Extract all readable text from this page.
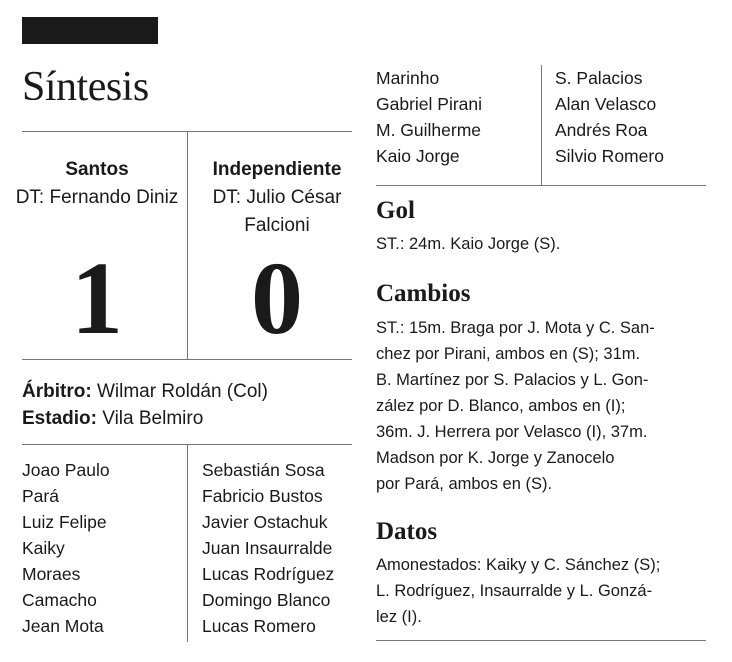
Síntesis
Santos
DT: Fernando Diniz
Independiente
DT: Julio César Falcioni
1	0
Árbitro: Wilmar Roldán (Col)
Estadio: Vila Belmiro
Joao Paulo
Pará
Luiz Felipe
Kaiky
Moraes
Camacho
Jean Mota
Sebastián Sosa
Fabricio Bustos
Javier Ostachuk
Juan Insaurralde
Lucas Rodríguez
Domingo Blanco
Lucas Romero
Marinho
Gabriel Pirani
M. Guilherme
Kaio Jorge
S. Palacios
Alan Velasco
Andrés Roa
Silvio Romero
Gol
ST.: 24m. Kaio Jorge (S).
Cambios
ST.: 15m. Braga por J. Mota y C. San-
chez por Pirani, ambos en (S); 31m.
B. Martínez por S. Palacios y L. Gon-
zález por D. Blanco, ambos en (I);
36m. J. Herrera por Velasco (I), 37m.
Madson por K. Jorge y Zanocelo
por Pará, ambos en (S).
Datos
Amonestados: Kaiky y C. Sánchez (S);
L. Rodríguez, Insaurralde y L. Gonzá-
lez (I).
